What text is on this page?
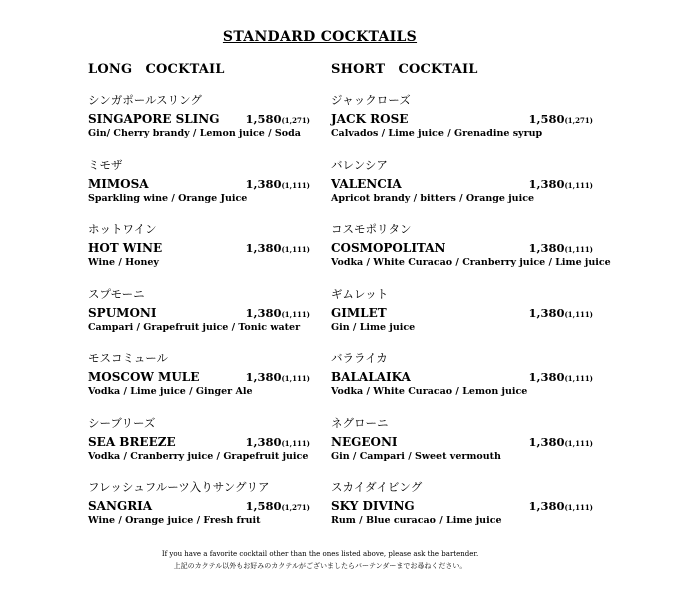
STANDARD COCKTAILS
LONG　COCKTAIL
シンガポールスリング
SINGAPORE SLING 1,580(1,271)
Gin/ Cherry brandy / Lemon juice / Soda
ミモザ
MIMOSA	1,380(1,111)
Sparkling wine / Orange Juice
ホットワイン
HOT WINE	1,380(1,111)
Wine / Honey
スプモーニ
SPUMONI	1,380(1,111)
Campari / Grapefruit juice / Tonic water
モスコミュール
MOSCOW MULE	1,380(1,111)
Vodka / Lime juice / Ginger Ale
シーブリーズ
SEA BREEZE	1,380(1,111)
Vodka / Cranberry juice / Grapefruit juice
フレッシュフルーツ入りサングリア
SANGRIA	1,580(1,271)
Wine / Orange juice / Fresh fruit
SHORT　COCKTAIL
ジャックローズ
JACK ROSE	1,580(1,271)
Calvados / Lime juice / Grenadine syrup
バレンシア
VALENCIA	1,380(1,111)
Apricot brandy / bitters / Orange juice
コスモポリタン
COSMOPOLITAN	1,380(1,111)
Vodka / White Curacao / Cranberry juice / Lime juice
ギムレット
GIMLET	1,380(1,111)
Gin / Lime juice
バラライカ
BALALAIKA	1,380(1,111)
Vodka / White Curacao / Lemon juice
ネグローニ
NEGEONI	1,380(1,111)
Gin / Campari / Sweet vermouth
スカイダイビング
SKY DIVING	1,380(1,111)
Rum / Blue curacao / Lime juice
If you have a favorite cocktail other than the ones listed above, please ask the bartender.
上記のカクテル以外もお好みのカクテルがございましたらバーテンダーまでお尋ねください。
